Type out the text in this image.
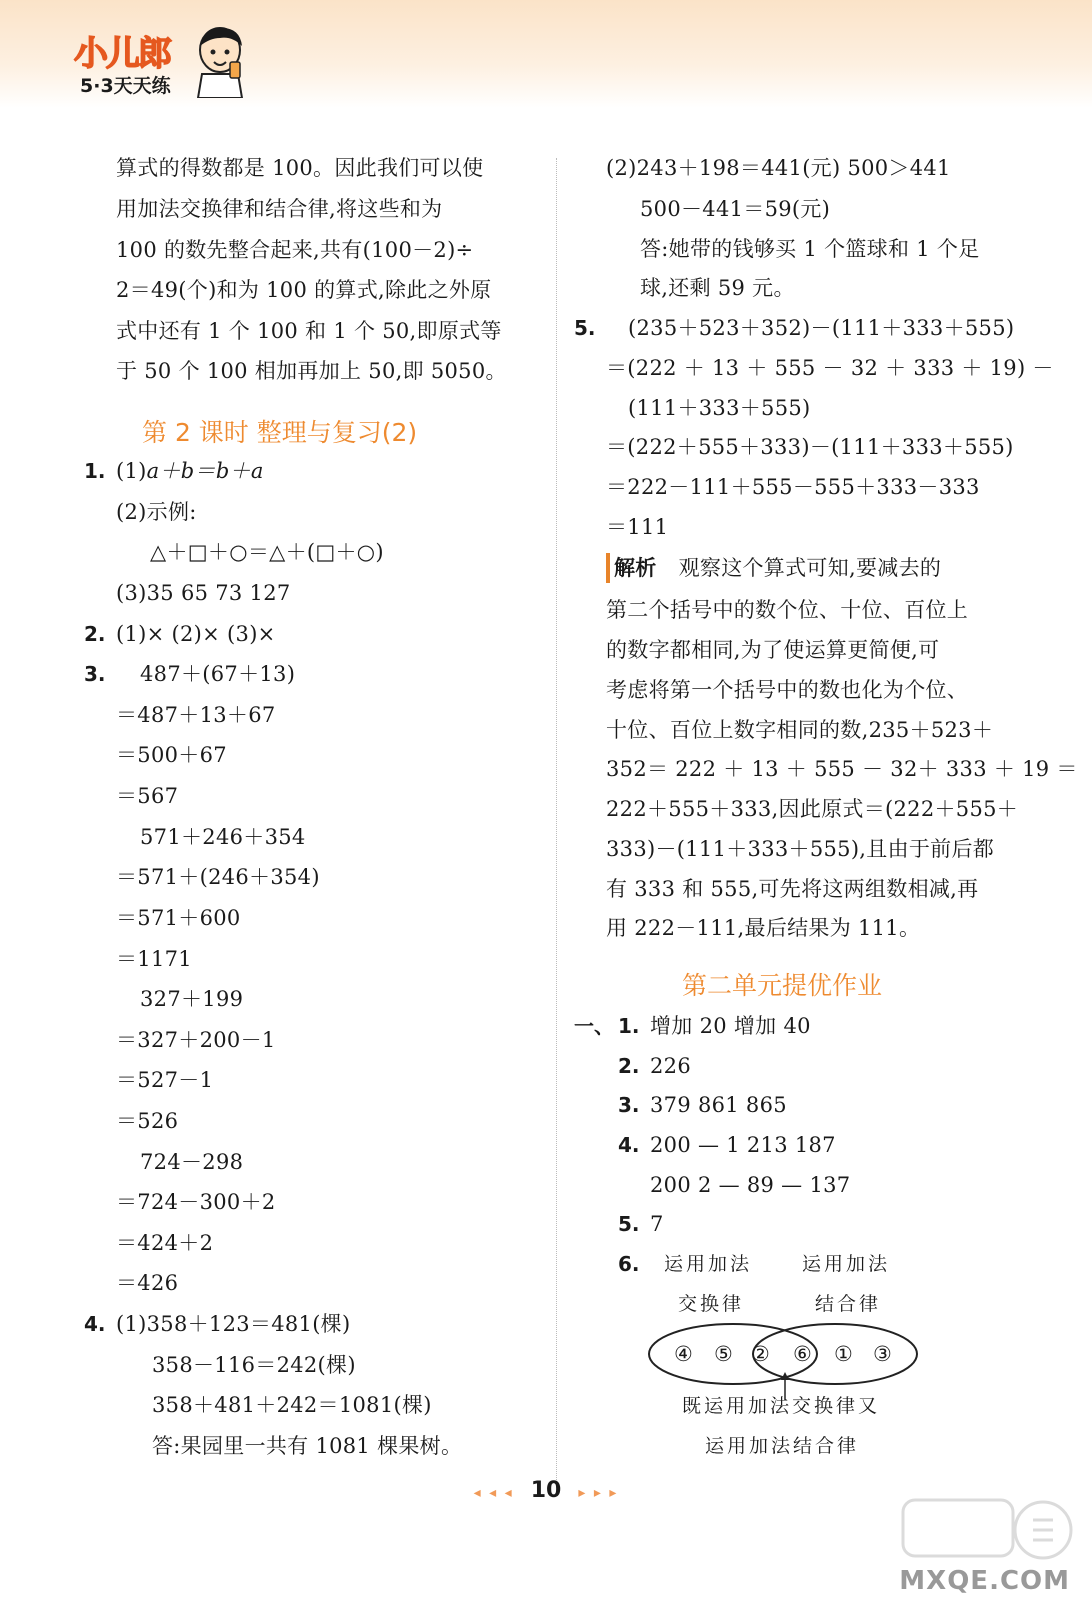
小儿郎
5·3天天练
算式的得数都是 100。因此我们可以使
用加法交换律和结合律,将这些和为
100 的数先整合起来,共有(100－2)÷
2＝49(个)和为 100 的算式,除此之外原
式中还有 1 个 100 和 1 个 50,即原式等
于 50 个 100 相加再加上 50,即 5050。
第 2 课时 整理与复习(2)
1. (1)a＋b＝b＋a
(2)示例:
△＋□＋○＝△＋(□＋○)
(3)35 65 73 127
2. (1)× (2)× (3)×
3. 487＋(67＋13)
＝487＋13＋67
＝500＋67
＝567
571＋246＋354
＝571＋(246＋354)
＝571＋600
＝1171
327＋199
＝327＋200－1
＝527－1
＝526
724－298
＝724－300＋2
＝424＋2
＝426
4. (1)358＋123＝481(棵)
358－116＝242(棵)
358＋481＋242＝1081(棵)
答:果园里一共有 1081 棵果树。
(2)243＋198＝441(元) 500＞441
500－441＝59(元)
答:她带的钱够买 1 个篮球和 1 个足
球,还剩 59 元。
5. (235＋523＋352)－(111＋333＋555)
＝(222 ＋ 13 ＋ 555 － 32 ＋ 333 ＋ 19) －
(111＋333＋555)
＝(222＋555＋333)－(111＋333＋555)
＝222－111＋555－555＋333－333
＝111
解析 观察这个算式可知,要减去的
第二个括号中的数个位、十位、百位上
的数字都相同,为了使运算更简便,可
考虑将第一个括号中的数也化为个位、
十位、百位上数字相同的数,235＋523＋
352＝ 222 ＋ 13 ＋ 555 － 32＋ 333 ＋ 19 ＝
222＋555＋333,因此原式＝(222＋555＋
333)－(111＋333＋555),且由于前后都
有 333 和 555,可先将这两组数相减,再
用 222－111,最后结果为 111。
第二单元提优作业
一、 1. 增加 20 增加 40
2. 226
3. 379 861 865
4. 200 — 1 213 187
200 2 — 89 — 137
5. 7
6. 运用加法	运用加法
交换律	结合律
④ ⑤ ② ⑥ ① ③
既运用加法交换律又
运用加法结合律
◂ ◂ ◂ 10 ▸ ▸ ▸
MXQE.COM
